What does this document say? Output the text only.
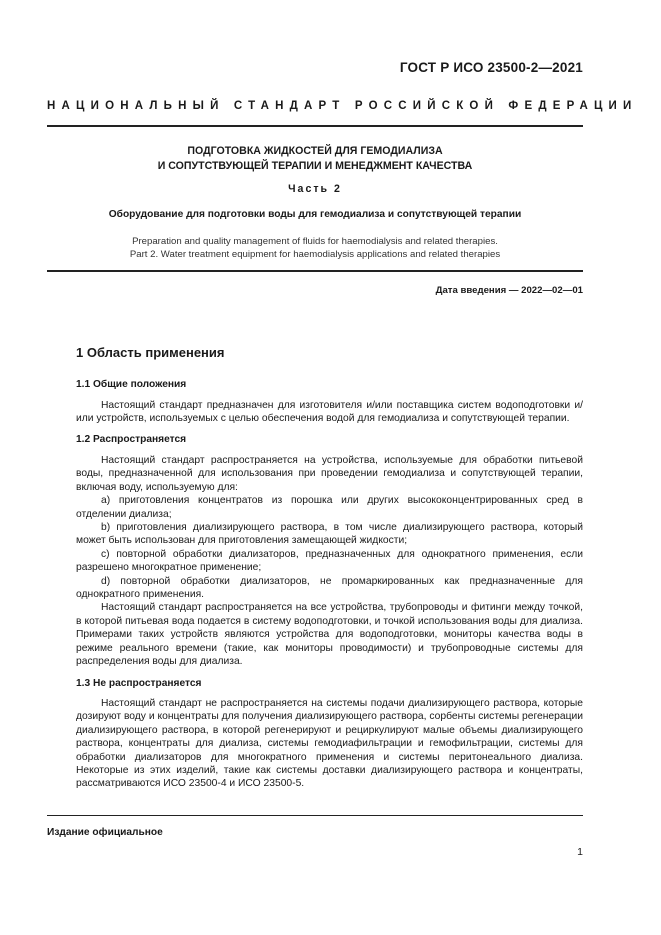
ГОСТ Р ИСО 23500-2—2021
НАЦИОНАЛЬНЫЙ СТАНДАРТ РОССИЙСКОЙ ФЕДЕРАЦИИ
ПОДГОТОВКА ЖИДКОСТЕЙ ДЛЯ ГЕМОДИАЛИЗА
И СОПУТСТВУЮЩЕЙ ТЕРАПИИ И МЕНЕДЖМЕНТ КАЧЕСТВА
Часть 2
Оборудование для подготовки воды для гемодиализа и сопутствующей терапии
Preparation and quality management of fluids for haemodialysis and related therapies.
Part 2. Water treatment equipment for haemodialysis applications and related therapies
Дата введения — 2022—02—01
1 Область применения
1.1 Общие положения

Настоящий стандарт предназначен для изготовителя и/или поставщика систем водоподготовки и/или устройств, используемых с целью обеспечения водой для гемодиализа и сопутствующей терапии.

1.2 Распространяется

Настоящий стандарт распространяется на устройства, используемые для обработки питьевой воды, предназначенной для использования при проведении гемодиализа и сопутствующей терапии, включая воду, используемую для:

a) приготовления концентратов из порошка или других высококонцентрированных сред в отделении диализа;

b) приготовления диализирующего раствора, в том числе диализирующего раствора, который может быть использован для приготовления замещающей жидкости;

c) повторной обработки диализаторов, предназначенных для однократного применения, если разрешено многократное применение;

d) повторной обработки диализаторов, не промаркированных как предназначенные для однократного применения.

Настоящий стандарт распространяется на все устройства, трубопроводы и фитинги между точкой, в которой питьевая вода подается в систему водоподготовки, и точкой использования воды для диализа. Примерами таких устройств являются устройства для водоподготовки, мониторы качества воды в режиме реального времени (такие, как мониторы проводимости) и трубопроводные системы для распределения воды для диализа.

1.3 Не распространяется

Настоящий стандарт не распространяется на системы подачи диализирующего раствора, которые дозируют воду и концентраты для получения диализирующего раствора, сорбенты системы регенерации диализирующего раствора, в которой регенерируют и рециркулируют малые объемы диализирующего раствора, концентраты для диализа, системы гемодиафильтрации и гемофильтрации, системы для обработки диализаторов для многократного применения и системы перитонеального диализа. Некоторые из этих изделий, такие как системы доставки диализирующего раствора и концентраты, рассматриваются ИСО 23500-4 и ИСО 23500-5.

Издание официальное
1
